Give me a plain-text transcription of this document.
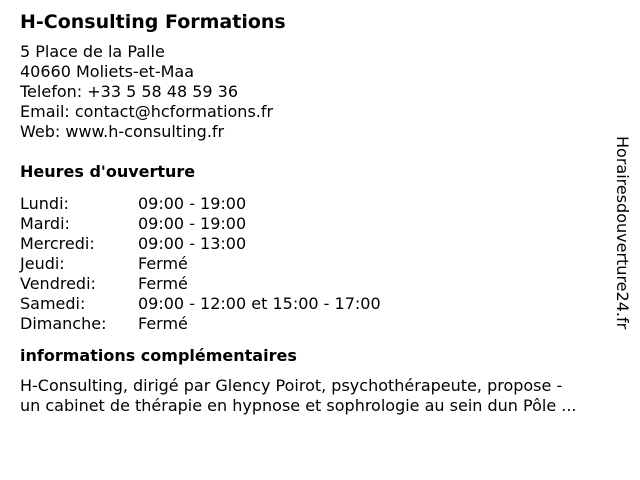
H-Consulting Formations
5 Place de la Palle
40660 Moliets-et-Maa
Telefon: +33 5 58 48 59 36
Email: contact@hcformations.fr
Web: www.h-consulting.fr
Heures d'ouverture
Lundi:	09:00 - 19:00
Mardi:	09:00 - 19:00
Mercredi:	09:00 - 13:00
Jeudi:	Fermé
Vendredi:	Fermé
Samedi:	09:00 - 12:00 et 15:00 - 17:00
Dimanche:	Fermé
informations complémentaires
H-Consulting, dirigé par Glency Poirot, psychothérapeute, propose -
un cabinet de thérapie en hypnose et sophrologie au sein dun Pôle ...
Horairesdouverture24.fr
